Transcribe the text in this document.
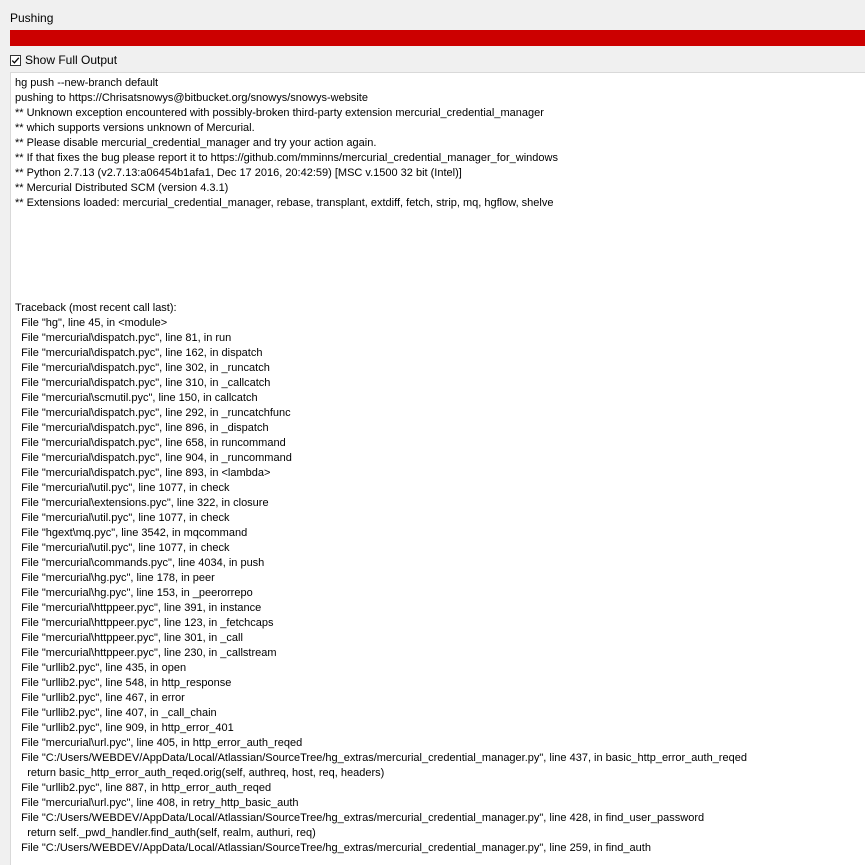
Pushing
Show Full Output
hg push --new-branch default
pushing to https://Chrisatsnowys@bitbucket.org/snowys/snowys-website
** Unknown exception encountered with possibly-broken third-party extension mercurial_credential_manager
** which supports versions unknown of Mercurial.
** Please disable mercurial_credential_manager and try your action again.
** If that fixes the bug please report it to https://github.com/mminns/mercurial_credential_manager_for_windows
** Python 2.7.13 (v2.7.13:a06454b1afa1, Dec 17 2016, 20:42:59) [MSC v.1500 32 bit (Intel)]
** Mercurial Distributed SCM (version 4.3.1)
** Extensions loaded: mercurial_credential_manager, rebase, transplant, extdiff, fetch, strip, mq, hgflow, shelve
Traceback (most recent call last):
File "hg", line 45, in <module>
File "mercurial\dispatch.pyc", line 81, in run
File "mercurial\dispatch.pyc", line 162, in dispatch
File "mercurial\dispatch.pyc", line 302, in _runcatch
File "mercurial\dispatch.pyc", line 310, in _callcatch
File "mercurial\scmutil.pyc", line 150, in callcatch
File "mercurial\dispatch.pyc", line 292, in _runcatchfunc
File "mercurial\dispatch.pyc", line 896, in _dispatch
File "mercurial\dispatch.pyc", line 658, in runcommand
File "mercurial\dispatch.pyc", line 904, in _runcommand
File "mercurial\dispatch.pyc", line 893, in <lambda>
File "mercurial\util.pyc", line 1077, in check
File "mercurial\extensions.pyc", line 322, in closure
File "mercurial\util.pyc", line 1077, in check
File "hgext\mq.pyc", line 3542, in mqcommand
File "mercurial\util.pyc", line 1077, in check
File "mercurial\commands.pyc", line 4034, in push
File "mercurial\hg.pyc", line 178, in peer
File "mercurial\hg.pyc", line 153, in _peerorrepo
File "mercurial\httppeer.pyc", line 391, in instance
File "mercurial\httppeer.pyc", line 123, in _fetchcaps
File "mercurial\httppeer.pyc", line 301, in _call
File "mercurial\httppeer.pyc", line 230, in _callstream
File "urllib2.pyc", line 435, in open
File "urllib2.pyc", line 548, in http_response
File "urllib2.pyc", line 467, in error
File "urllib2.pyc", line 407, in _call_chain
File "urllib2.pyc", line 909, in http_error_401
File "mercurial\url.pyc", line 405, in http_error_auth_reqed
File "C:/Users/WEBDEV/AppData/Local/Atlassian/SourceTree/hg_extras/mercurial_credential_manager.py", line 437, in basic_http_error_auth_reqed
return basic_http_error_auth_reqed.orig(self, authreq, host, req, headers)
File "urllib2.pyc", line 887, in http_error_auth_reqed
File "mercurial\url.pyc", line 408, in retry_http_basic_auth
File "C:/Users/WEBDEV/AppData/Local/Atlassian/SourceTree/hg_extras/mercurial_credential_manager.py", line 428, in find_user_password
return self._pwd_handler.find_auth(self, realm, authuri, req)
File "C:/Users/WEBDEV/AppData/Local/Atlassian/SourceTree/hg_extras/mercurial_credential_manager.py", line 259, in find_auth
